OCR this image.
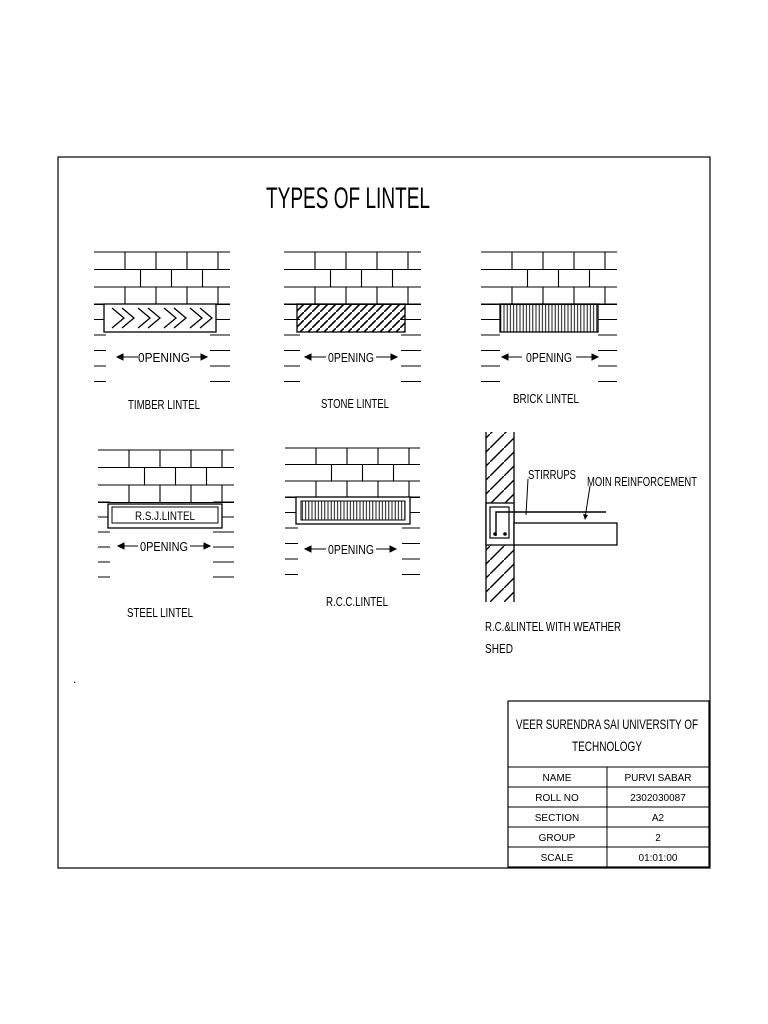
TYPES OF LINTEL
0PENING
TIMBER LINTEL
0PENING
STONE LINTEL
0PENING
BRICK LINTEL
R.S.J.LINTEL
0PENING
STEEL LINTEL
0PENING
R.C.C.LINTEL
STIRRUPS MOIN REINFORCEMENT
R.C.&LINTEL WITH WEATHER
SHED
.
VEER SURENDRA SAI UNIVERSITY OF
TECHNOLOGY
NAME	PURVI SABAR
ROLL NO	2302030087
SECTION	A2
GROUP	2
SCALE	01:01:00
